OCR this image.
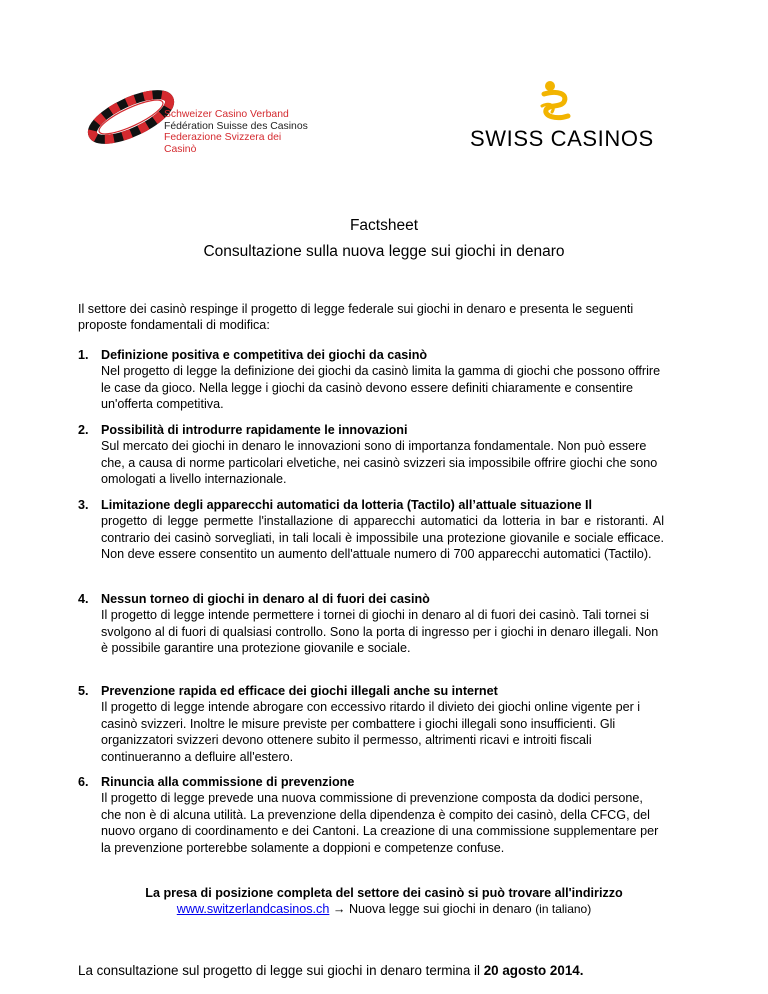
Schweizer Casino Verband
Fédération Suisse des Casinos
Federazione Svizzera dei Casinò	SWISS CASINOS
Factsheet
Consultazione sulla nuova legge sui giochi in denaro
Il settore dei casinò respinge il progetto di legge federale sui giochi in denaro e presenta le seguenti proposte fondamentali di modifica:
1. Definizione positiva e competitiva dei giochi da casinò
Nel progetto di legge la definizione dei giochi da casinò limita la gamma di giochi che possono offrire le case da gioco. Nella legge i giochi da casinò devono essere definiti chiaramente e consentire un'offerta competitiva.
2. Possibilità di introdurre rapidamente le innovazioni
Sul mercato dei giochi in denaro le innovazioni sono di importanza fondamentale. Non può essere che, a causa di norme particolari elvetiche, nei casinò svizzeri sia impossibile offrire giochi che sono omologati a livello internazionale.
3. Limitazione degli apparecchi automatici da lotteria (Tactilo) all’attuale situazione Il
progetto di legge permette l'installazione di apparecchi automatici da lotteria in bar e ristoranti. Al contrario dei casinò sorvegliati, in tali locali è impossibile una protezione giovanile e sociale efficace. Non deve essere consentito un aumento dell'attuale numero di 700 apparecchi automatici (Tactilo).
4. Nessun torneo di giochi in denaro al di fuori dei casinò
Il progetto di legge intende permettere i tornei di giochi in denaro al di fuori dei casinò. Tali tornei si svolgono al di fuori di qualsiasi controllo. Sono la porta di ingresso per i giochi in denaro illegali. Non è possibile garantire una protezione giovanile e sociale.
5. Prevenzione rapida ed efficace dei giochi illegali anche su internet
Il progetto di legge intende abrogare con eccessivo ritardo il divieto dei giochi online vigente per i casinò svizzeri. Inoltre le misure previste per combattere i giochi illegali sono insufficienti. Gli organizzatori svizzeri devono ottenere subito il permesso, altrimenti ricavi e introiti fiscali continueranno a defluire all'estero.
6. Rinuncia alla commissione di prevenzione
Il progetto di legge prevede una nuova commissione di prevenzione composta da dodici persone, che non è di alcuna utilità. La prevenzione della dipendenza è compito dei casinò, della CFCG, del nuovo organo di coordinamento e dei Cantoni. La creazione di una commissione supplementare per la prevenzione porterebbe solamente a doppioni e competenze confuse.
La presa di posizione completa del settore dei casinò si può trovare all'indirizzo
www.switzerlandcasinos.ch → Nuova legge sui giochi in denaro (in taliano)
La consultazione sul progetto di legge sui giochi in denaro termina il 20 agosto 2014.
